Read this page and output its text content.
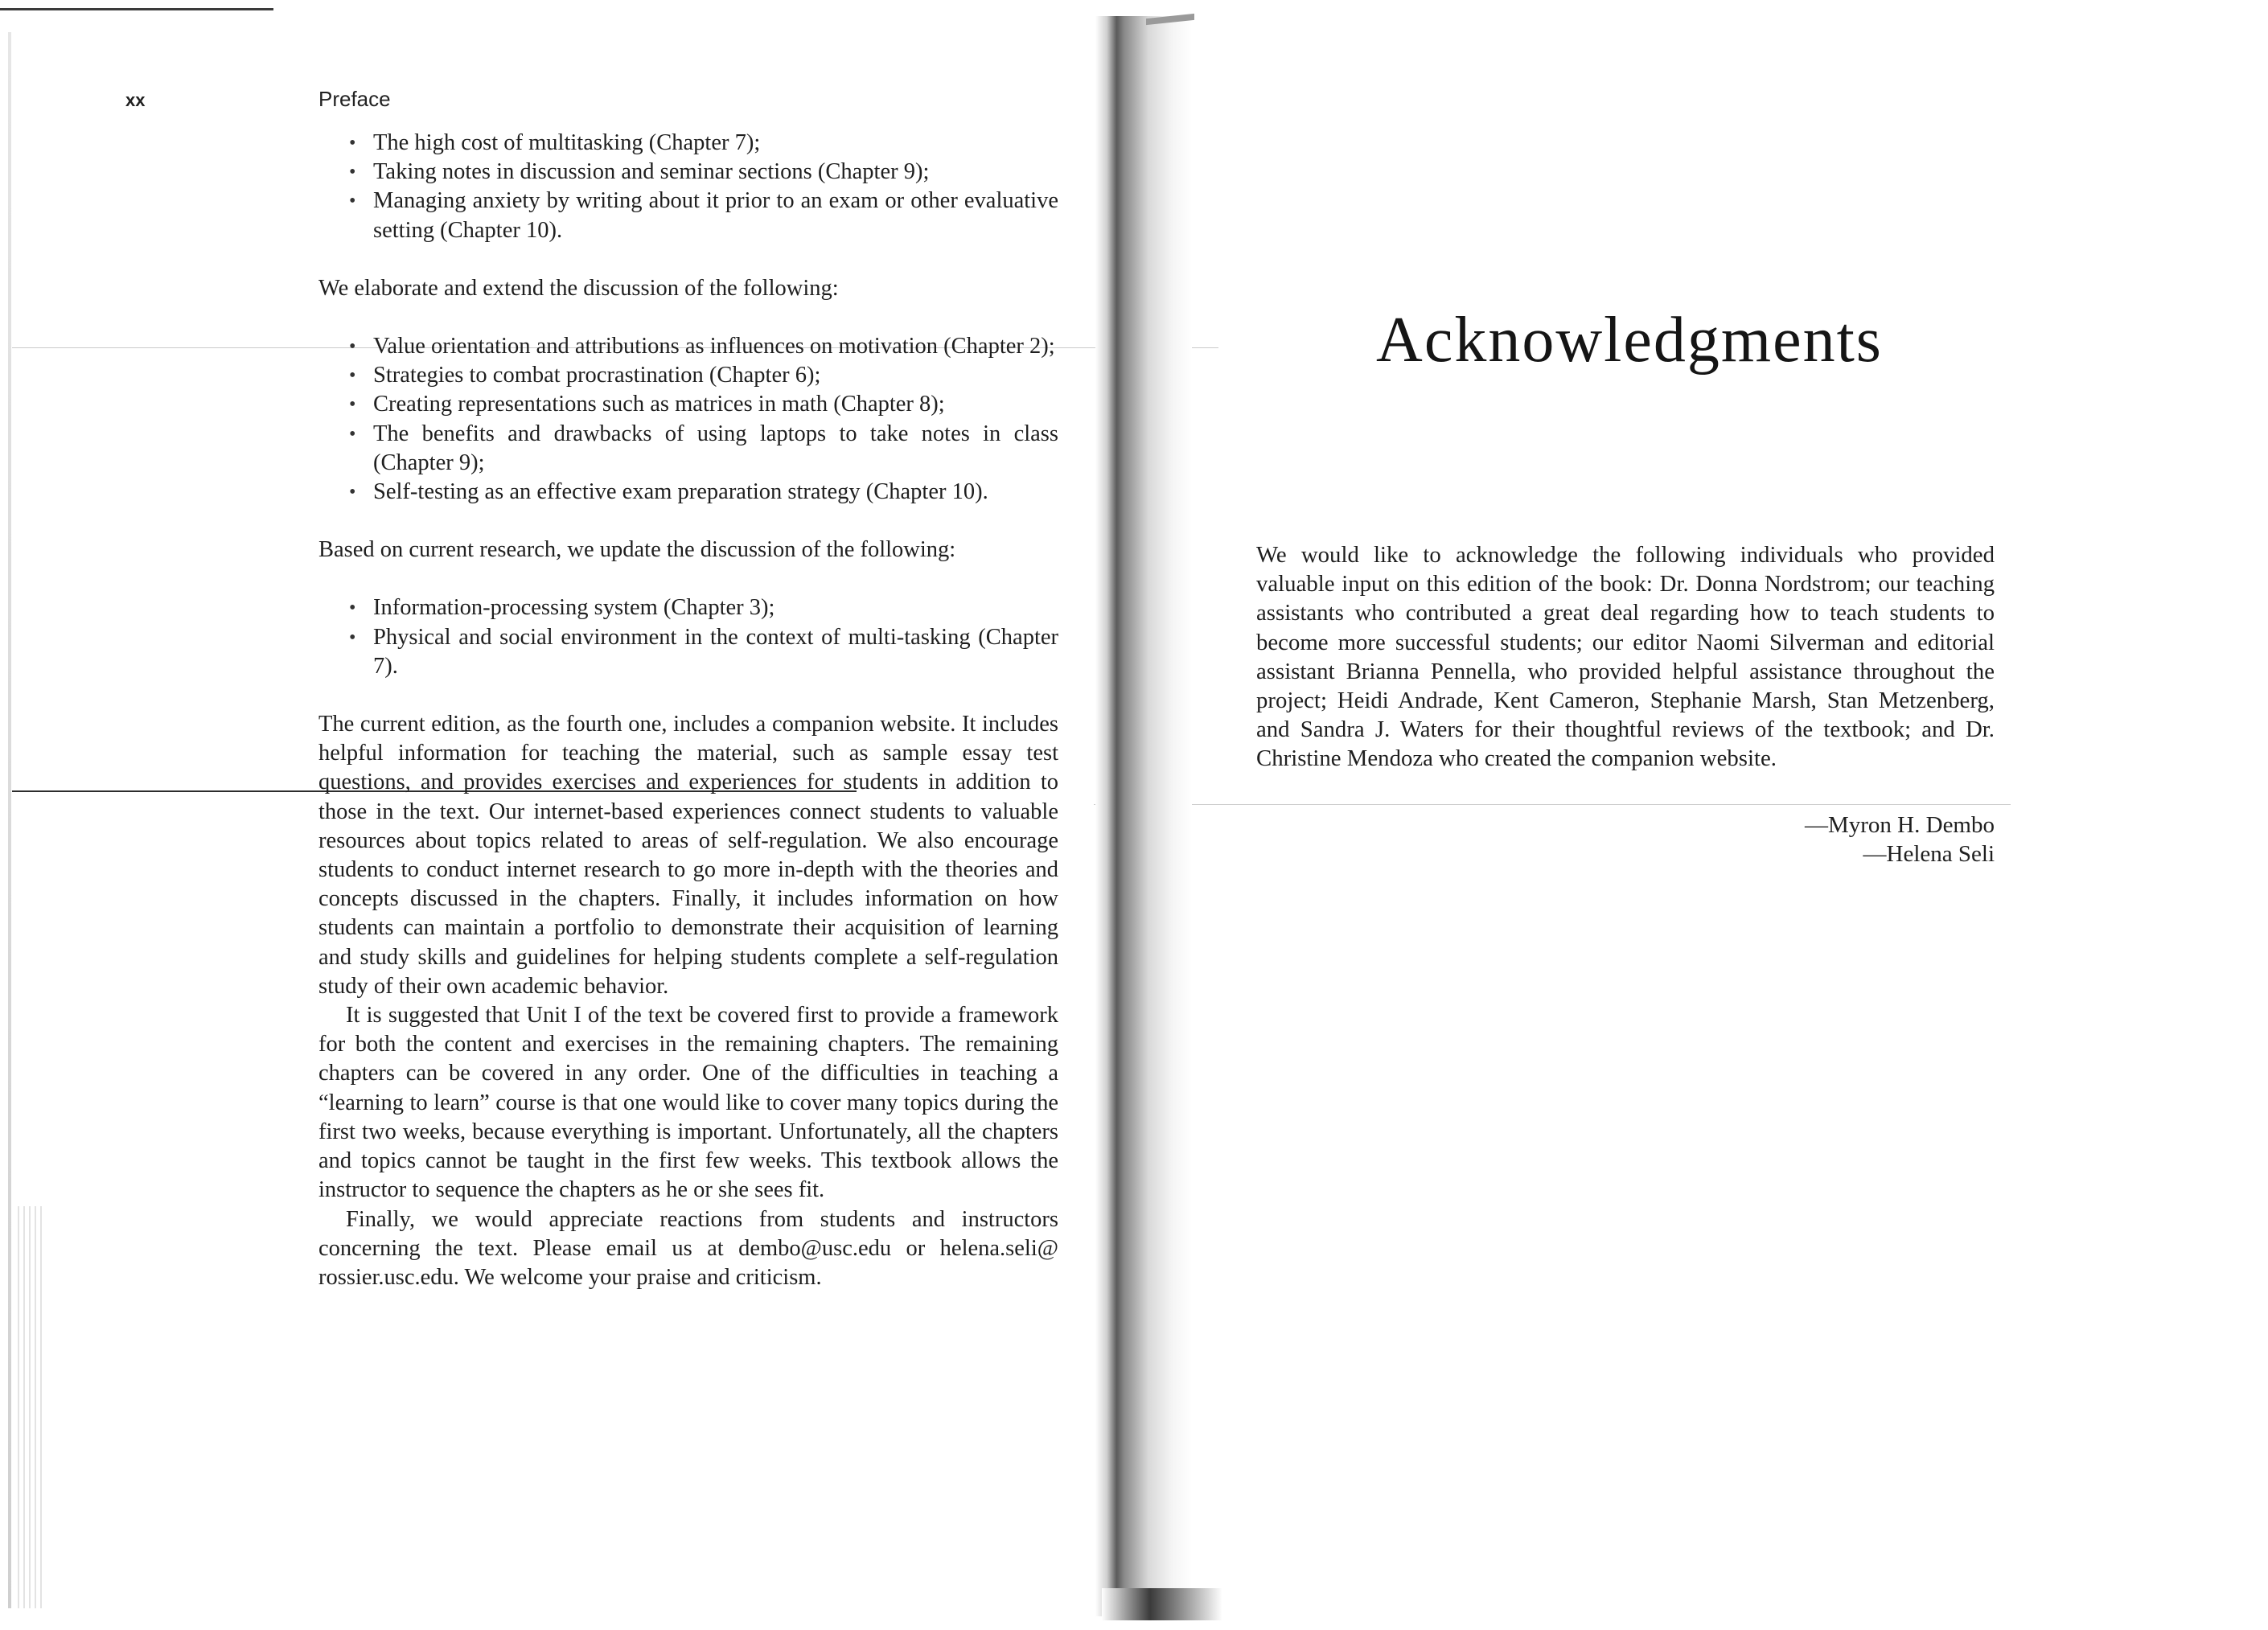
xx	Preface
• The high cost of multitasking (Chapter 7);
• Taking notes in discussion and seminar sections (Chapter 9);
• Managing anxiety by writing about it prior to an exam or other evaluative setting (Chapter 10).

We elaborate and extend the discussion of the following:

• Value orientation and attributions as influences on motivation (Chapter 2);
• Strategies to combat procrastination (Chapter 6);
• Creating representations such as matrices in math (Chapter 8);
• The benefits and drawbacks of using laptops to take notes in class (Chapter 9);
• Self-testing as an effective exam preparation strategy (Chapter 10).

Based on current research, we update the discussion of the following:

• Information-processing system (Chapter 3);
• Physical and social environment in the context of multi-tasking (Chapter 7).

The current edition, as the fourth one, includes a companion website. It includes helpful information for teaching the material, such as sample essay test questions, and provides exercises and experiences for students in addition to those in the text. Our internet-based experiences connect students to valuable resources about topics related to areas of self-regulation. We also encourage students to conduct internet research to go more in-depth with the theories and concepts discussed in the chapters. Finally, it includes information on how students can maintain a portfolio to demonstrate their acquisition of learning and study skills and guidelines for helping students complete a self-regulation study of their own academic behavior.

It is suggested that Unit I of the text be covered first to provide a framework for both the content and exercises in the remaining chapters. The remaining chapters can be covered in any order. One of the difficulties in teaching a “learning to learn” course is that one would like to cover many topics during the first two weeks, because everything is important. Unfortunately, all the chapters and topics cannot be taught in the first few weeks. This textbook allows the instructor to sequence the chapters as he or she sees fit.

Finally, we would appreciate reactions from students and instructors concerning the text. Please email us at dembo@usc.edu or helena.seli@ rossier.usc.edu. We welcome your praise and criticism.

Acknowledgments

We would like to acknowledge the following individuals who provided valuable input on this edition of the book: Dr. Donna Nordstrom; our teaching assistants who contributed a great deal regarding how to teach students to become more successful students; our editor Naomi Silverman and editorial assistant Brianna Pennella, who provided helpful assistance throughout the project; Heidi Andrade, Kent Cameron, Stephanie Marsh, Stan Metzenberg, and Sandra J. Waters for their thoughtful reviews of the textbook; and Dr. Christine Mendoza who created the companion website.

—Myron H. Dembo
—Helena Seli
